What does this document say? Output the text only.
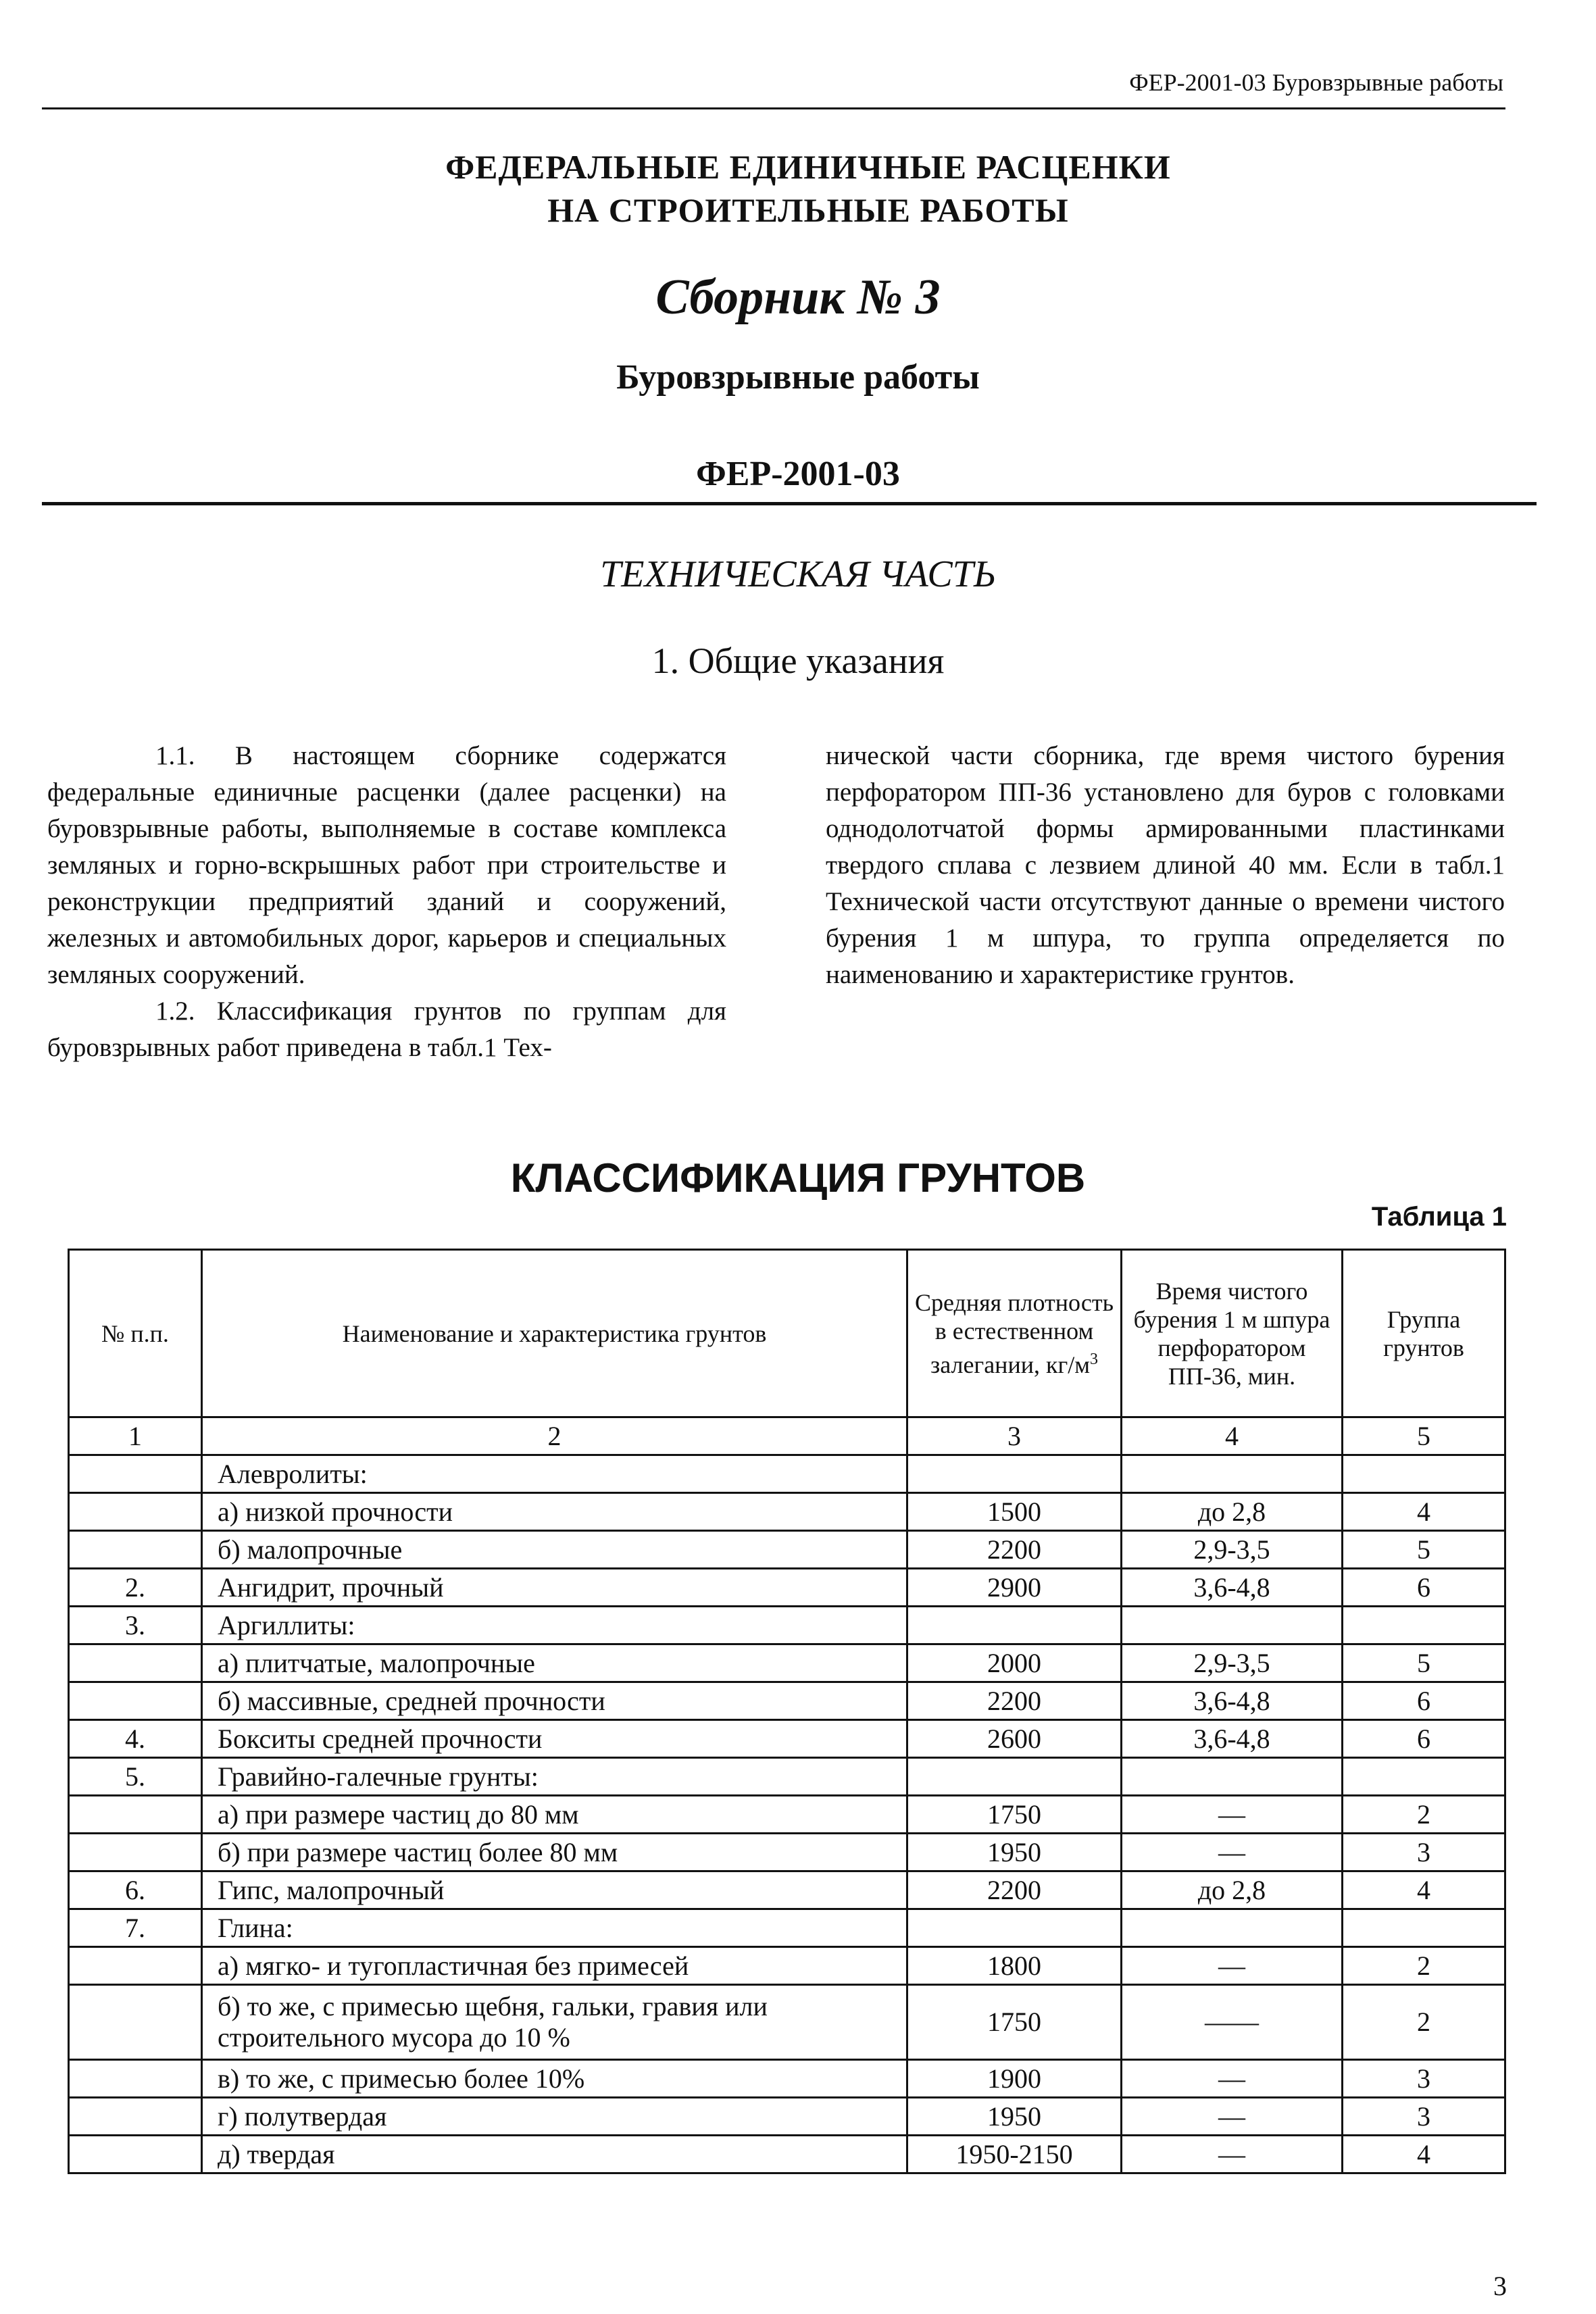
ФЕР-2001-03 Буровзрывные работы
ФЕДЕРАЛЬНЫЕ ЕДИНИЧНЫЕ РАСЦЕНКИ
НА СТРОИТЕЛЬНЫЕ РАБОТЫ
Сборник № 3
Буровзрывные работы
ФЕР-2001-03
ТЕХНИЧЕСКАЯ ЧАСТЬ
1. Общие указания

1.1. В настоящем сборнике содержатся федеральные единичные расценки (далее расценки) на буровзрывные работы, выполняемые в составе комплекса земляных и горно-вскрышных работ при строительстве и реконструкции предприятий зданий и сооружений, железных и автомобильных дорог, карьеров и специальных земляных сооружений.

1.2. Классификация грунтов по группам для буровзрывных работ приведена в табл.1 Тех-

нической части сборника, где время чистого бурения перфоратором ПП-36 установлено для буров с головками однодолотчатой формы армированными пластинками твердого сплава с лезвием длиной 40 мм. Если в табл.1 Технической части отсутствуют данные о времени чистого бурения 1 м шпура, то группа определяется по наименованию и характеристике грунтов.

КЛАССИФИКАЦИЯ ГРУНТОВ
Таблица 1
№ п.п.	Наименование и характеристика грунтов	Средняя плотность в естественном залегании, $кг/м^3$	Время чистого бурения 1 м шпура перфоратором ПП-36, мин.	Группа грунтов
1	2	3	4	5
	Алевролиты:			
	а) низкой прочности	1500	до 2,8	4
	б) малопрочные	2200	2,9-3,5	5
2.	Ангидрит, прочный	2900	3,6-4,8	6
3.	Аргиллиты:			
	а) плитчатые, малопрочные	2000	2,9-3,5	5
	б) массивные, средней прочности	2200	3,6-4,8	6
4.	Бокситы средней прочности	2600	3,6-4,8	6
5.	Гравийно-галечные грунты:			
	а) при размере частиц до 80 мм	1750	—	2
	б) при размере частиц более 80 мм	1950	—	3
6.	Гипс, малопрочный	2200	до 2,8	4
7.	Глина:			
	а) мягко- и тугопластичная без примесей	1800	—	2
	б) то же, с примесью щебня, гальки, гравия или строительного мусора до 10 %	1750	——	2
	в) то же, с примесью более 10%	1900	—	3
	г) полутвердая	1950	—	3
	д) твердая	1950-2150	—	4
3
